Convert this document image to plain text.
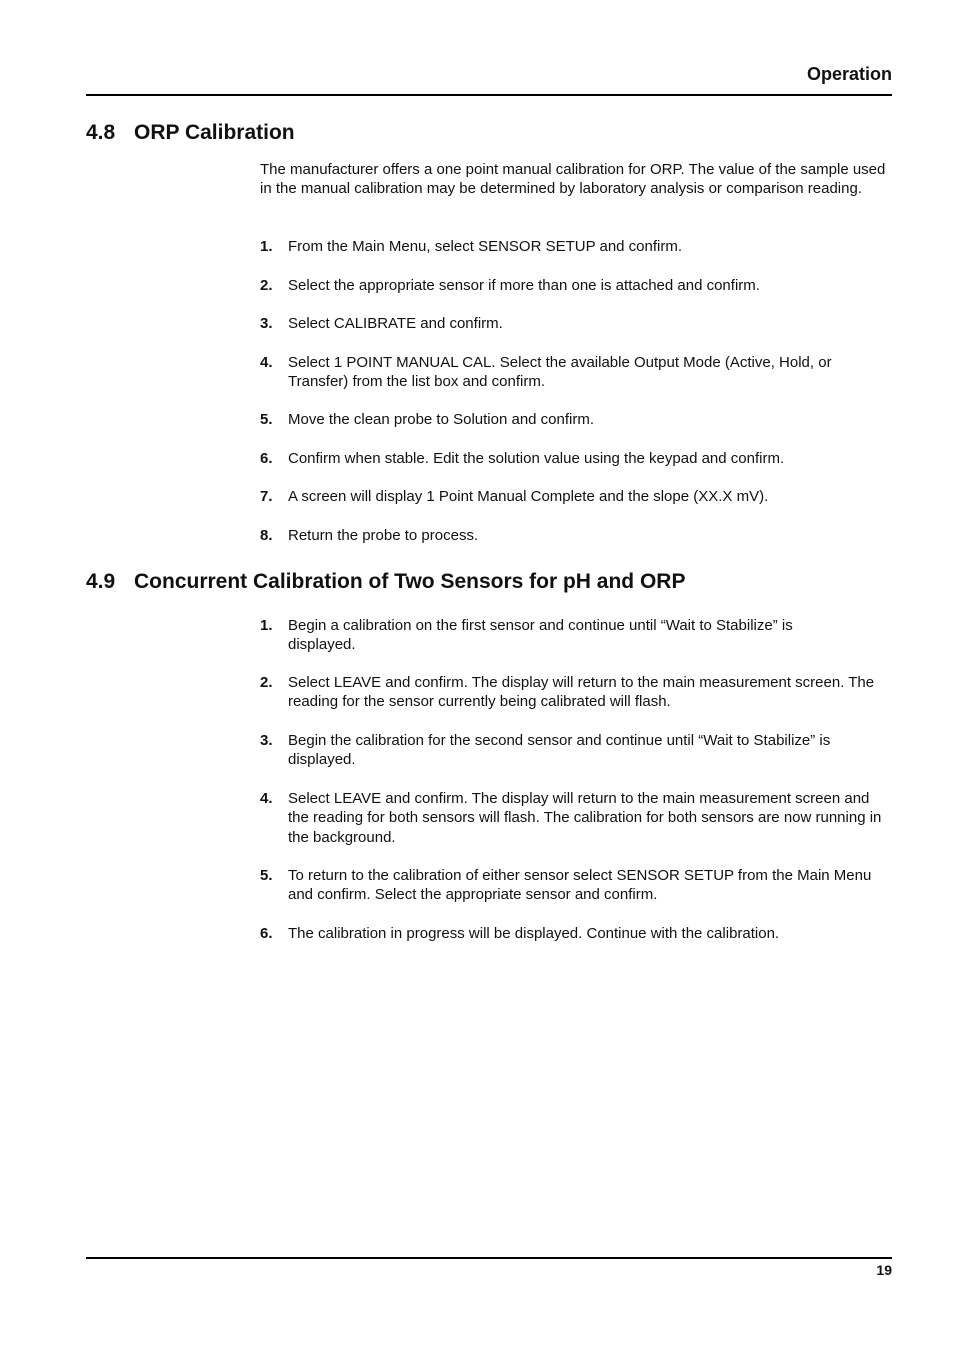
Operation
4.8 ORP Calibration

The manufacturer offers a one point manual calibration for ORP. The value of the sample used in the manual calibration may be determined by laboratory analysis or comparison reading.

1. From the Main Menu, select SENSOR SETUP and confirm.
2. Select the appropriate sensor if more than one is attached and confirm.
3. Select CALIBRATE and confirm.
4. Select 1 POINT MANUAL CAL. Select the available Output Mode (Active, Hold, or Transfer) from the list box and confirm.
5. Move the clean probe to Solution and confirm.
6. Confirm when stable. Edit the solution value using the keypad and confirm.
7. A screen will display 1 Point Manual Complete and the slope (XX.X mV).
8. Return the probe to process.
4.9 Concurrent Calibration of Two Sensors for pH and ORP
1. Begin a calibration on the first sensor and continue until “Wait to Stabilize” is displayed.
2. Select LEAVE and confirm. The display will return to the main measurement screen. The reading for the sensor currently being calibrated will flash.
3. Begin the calibration for the second sensor and continue until “Wait to Stabilize” is displayed.
4. Select LEAVE and confirm. The display will return to the main measurement screen and the reading for both sensors will flash. The calibration for both sensors are now running in the background.
5. To return to the calibration of either sensor select SENSOR SETUP from the Main Menu and confirm. Select the appropriate sensor and confirm.
6. The calibration in progress will be displayed. Continue with the calibration.
19
